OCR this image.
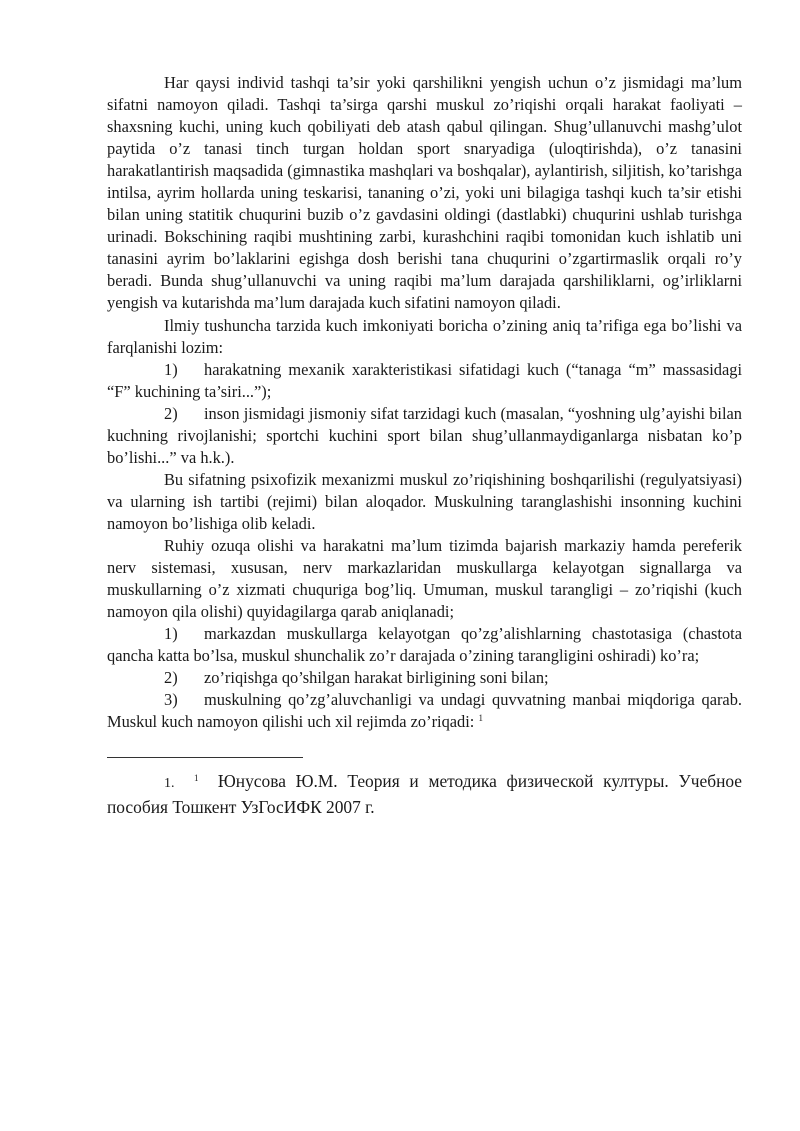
Har qaysi individ tashqi ta’sir yoki qarshilikni yengish uchun o’z jismidagi ma’lum sifatni namoyon qiladi. Tashqi ta’sirga qarshi muskul zo’riqishi orqali harakat faoliyati – shaxsning kuchi, uning kuch qobiliyati deb atash qabul qilingan. Shug’ullanuvchi mashg’ulot paytida o’z tanasi tinch turgan holdan sport snaryadiga (uloqtirishda), o’z tanasini harakatlantirish maqsadida (gimnastika mashqlari va boshqalar), aylantirish, siljitish, ko’tarishga intilsa, ayrim hollarda uning teskarisi, tananing o’zi, yoki uni bilagiga tashqi kuch ta’sir etishi bilan uning statitik chuqurini buzib o’z gavdasini oldingi (dastlabki) chuqurini ushlab turishga urinadi. Bokschining raqibi mushtining zarbi, kurashchini raqibi tomonidan kuch ishlatib uni tanasini ayrim bo’laklarini egishga dosh berishi tana chuqurini o’zgartirmaslik orqali ro’y beradi. Bunda shug’ullanuvchi va uning raqibi ma’lum darajada qarshiliklarni, og’irliklarni yengish va kutarishda ma’lum darajada kuch sifatini namoyon qiladi.

Ilmiy tushuncha tarzida kuch imkoniyati boricha o’zining aniq ta’rifiga ega bo’lishi va farqlanishi lozim:

1) harakatning mexanik xarakteristikasi sifatidagi kuch (“tanaga “m” massasidagi “F” kuchining ta’siri...”);

2) inson jismidagi jismoniy sifat tarzidagi kuch (masalan, “yoshning ulg’ayishi bilan kuchning rivojlanishi; sportchi kuchini sport bilan shug’ullanmaydiganlarga nisbatan ko’p bo’lishi...” va h.k.).

Bu sifatning psixofizik mexanizmi muskul zo’riqishining boshqarilishi (regulyatsiyasi) va ularning ish tartibi (rejimi) bilan aloqador. Muskulning taranglashishi insonning kuchini namoyon bo’lishiga olib keladi.

Ruhiy ozuqa olishi va harakatni ma’lum tizimda bajarish markaziy hamda pereferik nerv sistemasi, xususan, nerv markazlaridan muskullarga kelayotgan signallarga va muskullarning o’z xizmati chuquriga bog’liq. Umuman, muskul tarangligi – zo’riqishi (kuch namoyon qila olishi) quyidagilarga qarab aniqlanadi;

1) markazdan muskullarga kelayotgan qo’zg’alishlarning chastotasiga (chastota qancha katta bo’lsa, muskul shunchalik zo’r darajada o’zining tarangligini oshiradi) ko’ra;

2) zo’riqishga qo’shilgan harakat birligining soni bilan;

3) muskulning qo’zg’aluvchanligi va undagi quvvatning manbai miqdoriga qarab. Muskul kuch namoyon qilishi uch xil rejimda zo’riqadi: $^1$

1. $^1$ Юнусова Ю.М. Теория и методика физической културы. Учебное пособия Тошкент УзГосИФК 2007 г.
